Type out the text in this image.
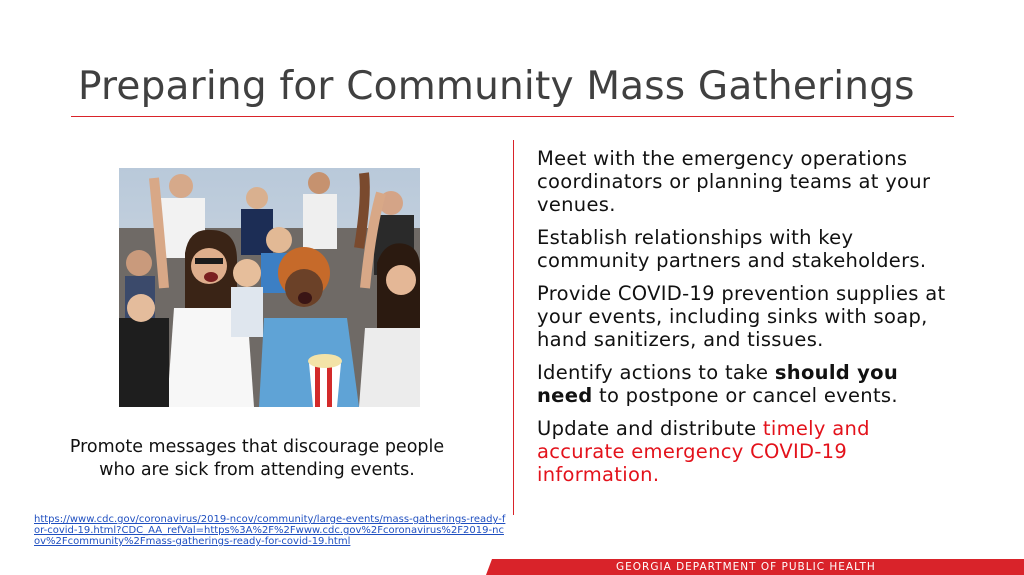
Preparing for Community Mass Gatherings
Promote messages that discourage people
who are sick from attending events.
https://www.cdc.gov/coronavirus/2019-ncov/community/large-events/mass-gatherings-ready-for-covid-19.html?CDC_AA_refVal=https%3A%2F%2Fwww.cdc.gov%2Fcoronavirus%2F2019-ncov%2Fcommunity%2Fmass-gatherings-ready-for-covid-19.html

Meet with the emergency operations coordinators or planning teams at your venues.

Establish relationships with key community partners and stakeholders.

Provide COVID-19 prevention supplies at your events, including sinks with soap, hand sanitizers, and tissues.

Identify actions to take should you need to postpone or cancel events.

Update and distribute timely and accurate emergency COVID-19 information.

GEORGIA DEPARTMENT OF PUBLIC HEALTH
